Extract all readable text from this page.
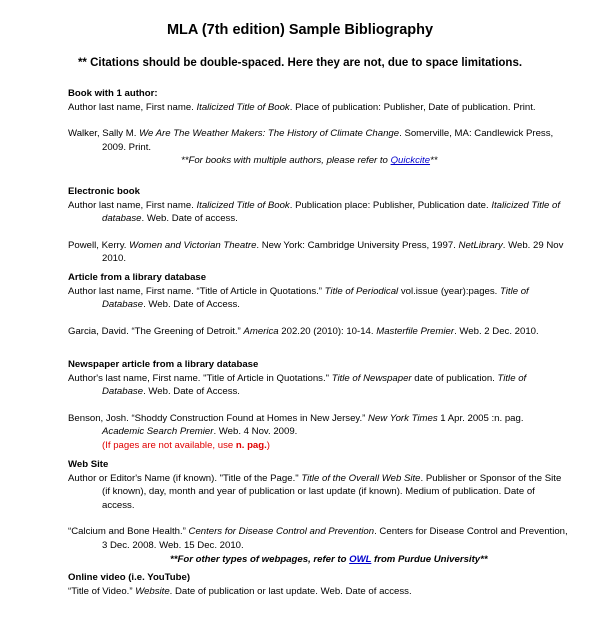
MLA (7th edition) Sample Bibliography
** Citations should be double-spaced. Here they are not, due to space limitations.
Book with 1 author:
Author last name, First name. Italicized Title of Book. Place of publication: Publisher, Date of publication. Print.
Walker, Sally M. We Are The Weather Makers: The History of Climate Change. Somerville, MA: Candlewick Press, 2009. Print.
**For books with multiple authors, please refer to Quickcite**
Electronic book
Author last name, First name. Italicized Title of Book. Publication place: Publisher, Publication date. Italicized Title of database. Web. Date of access.
Powell, Kerry. Women and Victorian Theatre. New York: Cambridge University Press, 1997. NetLibrary. Web. 29 Nov 2010.
Article from a library database
Author last name, First name. “Title of Article in Quotations.” Title of Periodical vol.issue (year):pages. Title of Database. Web. Date of Access.
Garcia, David. “The Greening of Detroit.” America 202.20 (2010): 10-14. Masterfile Premier. Web. 2 Dec. 2010.
Newspaper article from a library database
Author's last name, First name. "Title of Article in Quotations." Title of Newspaper date of publication. Title of Database. Web. Date of Access.
Benson, Josh. “Shoddy Construction Found at Homes in New Jersey.” New York Times 1 Apr. 2005 :n. pag. Academic Search Premier. Web. 4 Nov. 2009.
(If pages are not available, use n. pag.)
Web Site
Author or Editor's Name (if known). "Title of the Page." Title of the Overall Web Site. Publisher or Sponsor of the Site (if known), day, month and year of publication or last update (if known). Medium of publication. Date of access.
“Calcium and Bone Health.” Centers for Disease Control and Prevention. Centers for Disease Control and Prevention, 3 Dec. 2008. Web. 15 Dec. 2010.
**For other types of webpages, refer to OWL from Purdue University**
Online video (i.e. YouTube)
“Title of Video.” Website. Date of publication or last update. Web. Date of access.
